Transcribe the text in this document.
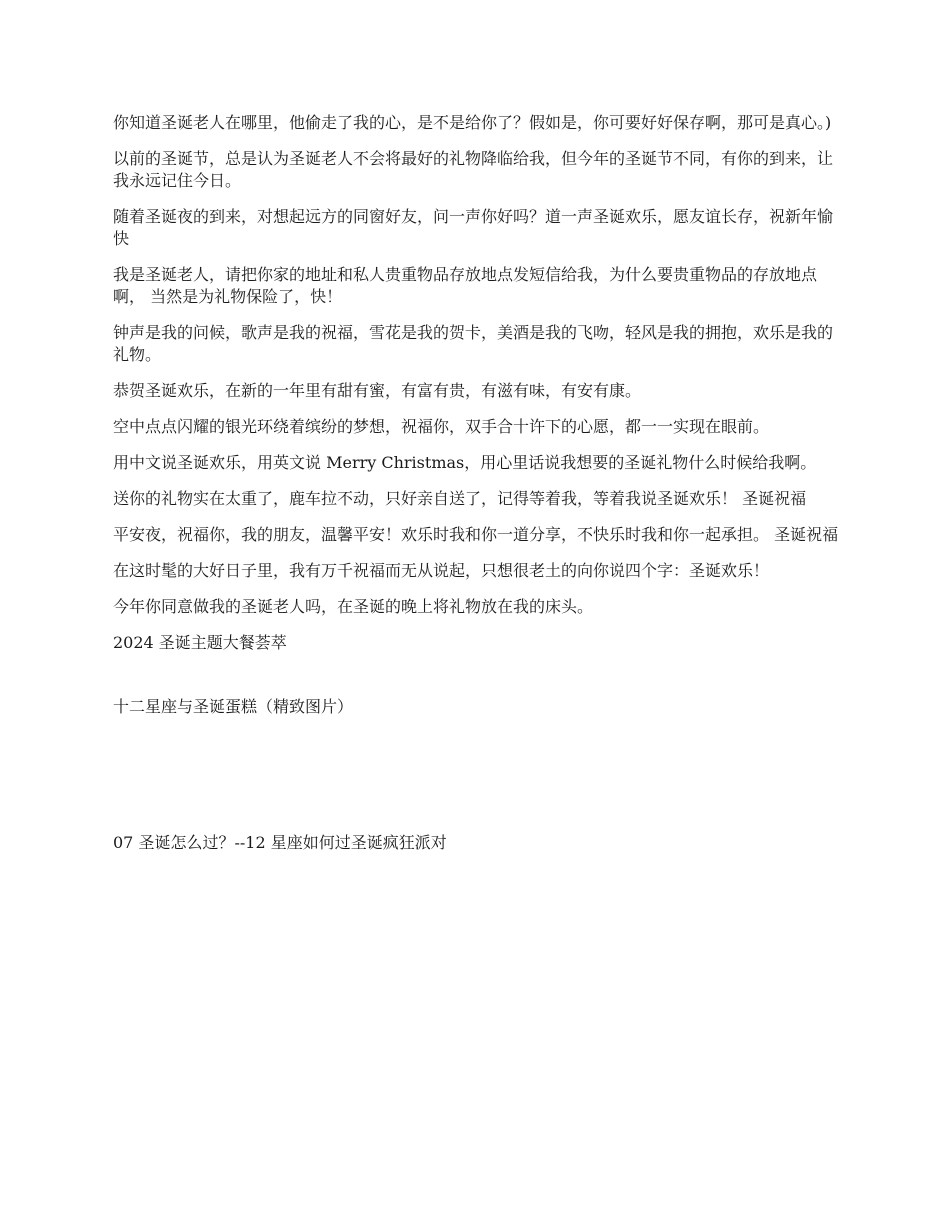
你知道圣诞老人在哪里，他偷走了我的心，是不是给你了？假如是，你可要好好保存啊，那可是真心。)

以前的圣诞节，总是认为圣诞老人不会将最好的礼物降临给我，但今年的圣诞节不同，有你的到来，让我永远记住今日。

随着圣诞夜的到来，对想起远方的同窗好友，问一声你好吗？道一声圣诞欢乐，愿友谊长存，祝新年愉快

我是圣诞老人，请把你家的地址和私人贵重物品存放地点发短信给我，为什么要贵重物品的存放地点啊， 当然是为礼物保险了，快！

钟声是我的问候，歌声是我的祝福，雪花是我的贺卡，美酒是我的飞吻，轻风是我的拥抱，欢乐是我的礼物。

恭贺圣诞欢乐，在新的一年里有甜有蜜，有富有贵，有滋有味，有安有康。

空中点点闪耀的银光环绕着缤纷的梦想，祝福你，双手合十许下的心愿，都一一实现在眼前。

用中文说圣诞欢乐，用英文说 Merry Christmas，用心里话说我想要的圣诞礼物什么时候给我啊。

送你的礼物实在太重了，鹿车拉不动，只好亲自送了，记得等着我，等着我说圣诞欢乐！ 圣诞祝福

平安夜，祝福你，我的朋友，温馨平安！欢乐时我和你一道分享，不快乐时我和你一起承担。 圣诞祝福

在这时髦的大好日子里，我有万千祝福而无从说起，只想很老土的向你说四个字：圣诞欢乐！

今年你同意做我的圣诞老人吗，在圣诞的晚上将礼物放在我的床头。

2024 圣诞主题大餐荟萃

十二星座与圣诞蛋糕（精致图片）

07 圣诞怎么过？--12 星座如何过圣诞疯狂派对
